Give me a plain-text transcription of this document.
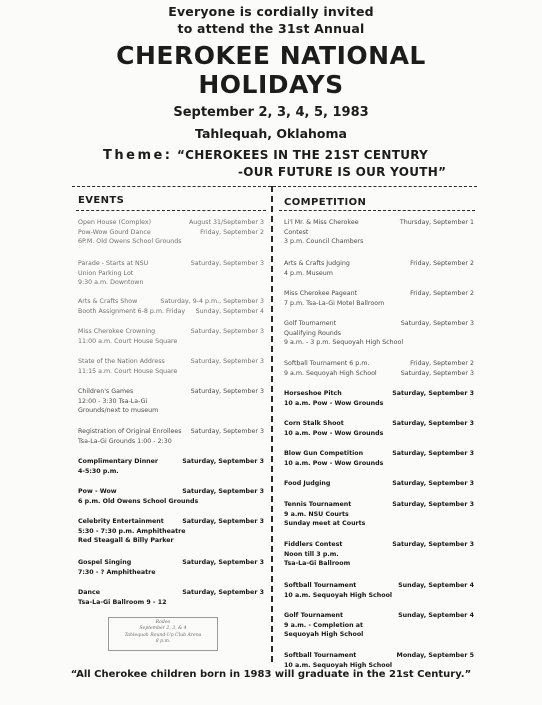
Everyone is cordially invited
to attend the 31st Annual
CHEROKEE NATIONAL
HOLIDAYS
September 2, 3, 4, 5, 1983
Tahlequah, Oklahoma
Theme: “CHEROKEES IN THE 21ST CENTURY
-OUR FUTURE IS OUR YOUTH”
EVENTS	COMPETITION
Open House (Complex)
Pow-Wow Gourd Dance
6P.M. Old Owens School Grounds
August 31/September 3
Friday, September 2
Parade - Starts at NSU
Union Parking Lot
9:30 a.m. Downtown
Saturday, September 3
Arts & Crafts Show
Booth Assignment 6-8 p.m. Friday
Saturday, 9-4 p.m., September 3
Sunday, September 4
Miss Cherokee Crowning
11:00 a.m. Court House Square
Saturday, September 3
State of the Nation Address
11:15 a.m. Court House Square
Saturday, September 3
Children's Games
12:00 - 3:30 Tsa-La-Gi
Grounds/next to museum
Saturday, September 3
Registration of Original Enrollees
Tsa-La-Gi Grounds 1:00 - 2:30
Saturday, September 3
Complimentary Dinner
4-5:30 p.m.
Saturday, September 3
Pow - Wow
6 p.m. Old Owens School Grounds
Saturday, September 3
Celebrity Entertainment
5:30 - 7:30 p.m. Amphitheatre
Red Steagall & Billy Parker
Saturday, September 3
Gospel Singing
7:30 - ? Amphitheatre
Saturday, September 3
Dance
Tsa-La-Gi Ballroom 9 - 12
Saturday, September 3
Li'l Mr. & Miss Cherokee
Contest
3 p.m. Council Chambers
Thursday, September 1
Arts & Crafts Judging
4 p.m. Museum
Friday, September 2
Miss Cherokee Pageant
7 p.m. Tsa-La-Gi Motel Ballroom
Friday, September 2
Golf Tournament
Qualifying Rounds
9 a.m. - 3 p.m. Sequoyah High School
Saturday, September 3
Softball Tournament 6 p.m.
9 a.m. Sequoyah High School
Friday, September 2
Saturday, September 3
Horseshoe Pitch
10 a.m. Pow - Wow Grounds
Saturday, September 3
Corn Stalk Shoot
10 a.m. Pow - Wow Grounds
Saturday, September 3
Blow Gun Competition
10 a.m. Pow - Wow Grounds
Saturday, September 3
Food Judging	Saturday, September 3
Tennis Tournament
9 a.m. NSU Courts
Sunday meet at Courts
Saturday, September 3
Fiddlers Contest
Noon till 3 p.m.
Tsa-La-Gi Ballroom
Saturday, September 3
Softball Tournament
10 a.m. Sequoyah High School
Sunday, September 4
Golf Tournament
9 a.m. - Completion at
Sequoyah High School
Sunday, September 4
Softball Tournament
10 a.m. Sequoyah High School
Monday, September 5
Rodeo
September 2, 3, & 4
Tahlequah Round-Up Club Arena
8 p.m.
“All Cherokee children born in 1983 will graduate in the 21st Century.”
